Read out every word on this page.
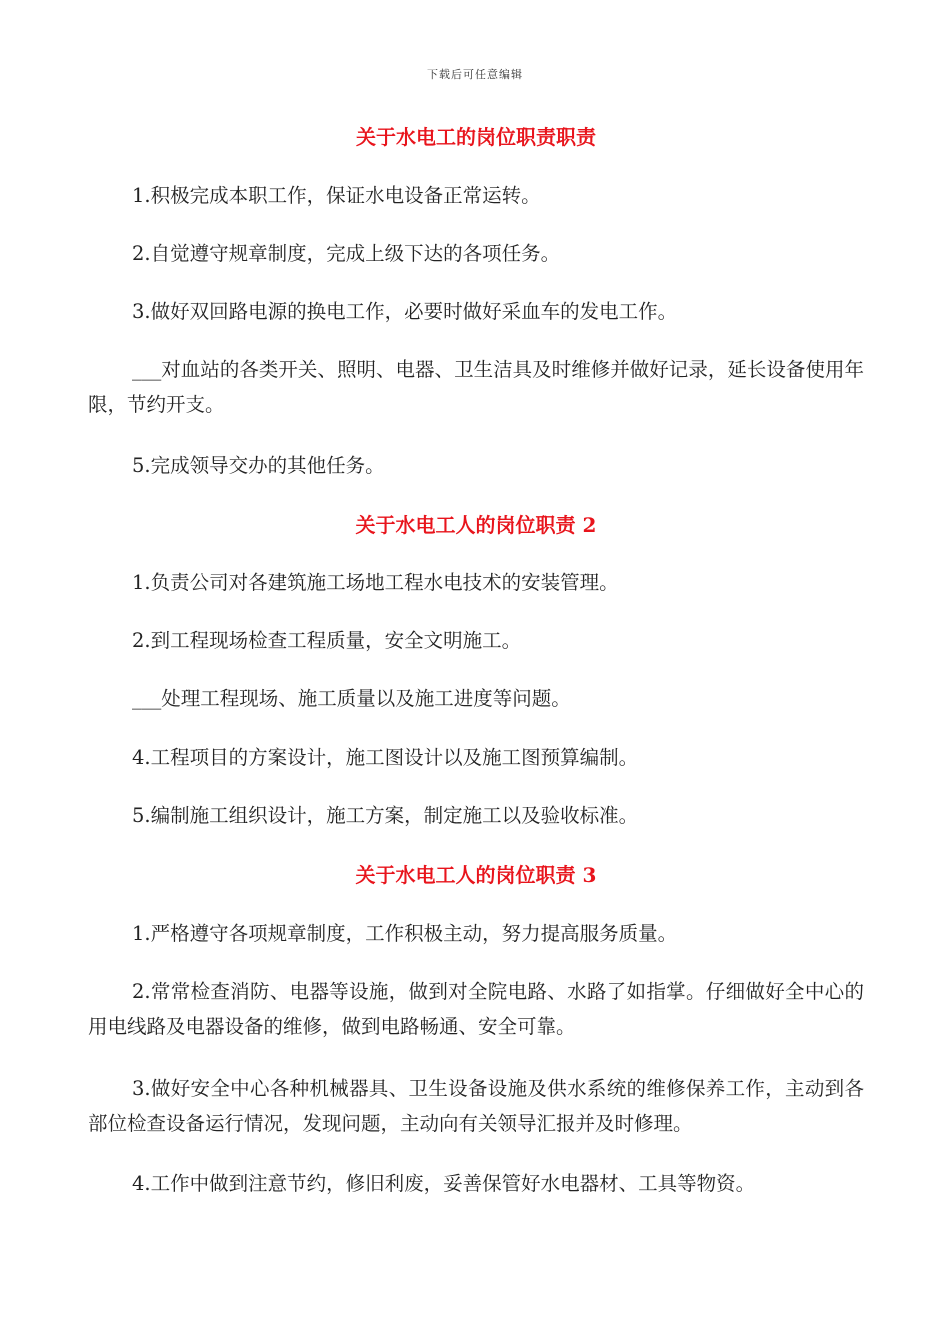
下载后可任意编辑
关于水电工的岗位职责职责
1.积极完成本职工作，保证水电设备正常运转。
2.自觉遵守规章制度，完成上级下达的各项任务。
3.做好双回路电源的换电工作，必要时做好采血车的发电工作。
___对血站的各类开关、照明、电器、卫生洁具及时维修并做好记录，延长设备使用年限，节约开支。
5.完成领导交办的其他任务。
关于水电工人的岗位职责 2
1.负责公司对各建筑施工场地工程水电技术的安装管理。
2.到工程现场检查工程质量，安全文明施工。
___处理工程现场、施工质量以及施工进度等问题。
4.工程项目的方案设计，施工图设计以及施工图预算编制。
5.编制施工组织设计，施工方案，制定施工以及验收标准。
关于水电工人的岗位职责 3
1.严格遵守各项规章制度，工作积极主动，努力提高服务质量。
2.常常检查消防、电器等设施，做到对全院电路、水路了如指掌。仔细做好全中心的用电线路及电器设备的维修，做到电路畅通、安全可靠。
3.做好安全中心各种机械器具、卫生设备设施及供水系统的维修保养工作，主动到各部位检查设备运行情况，发现问题，主动向有关领导汇报并及时修理。
4.工作中做到注意节约，修旧利废，妥善保管好水电器材、工具等物资。
